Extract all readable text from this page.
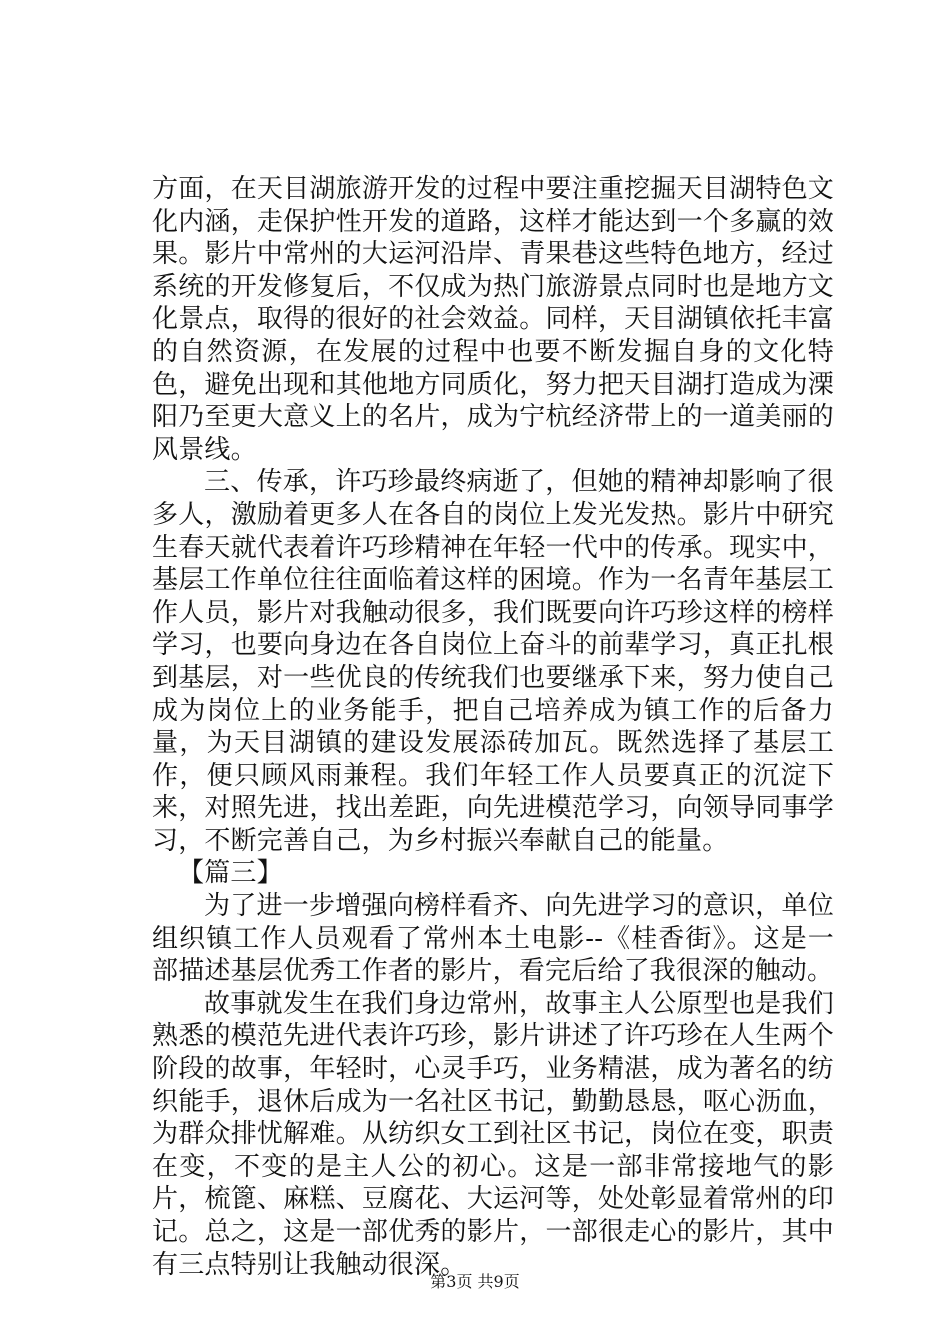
方面，在天目湖旅游开发的过程中要注重挖掘天目湖特色文化内涵，走保护性开发的道路，这样才能达到一个多赢的效果。影片中常州的大运河沿岸、青果巷这些特色地方，经过系统的开发修复后，不仅成为热门旅游景点同时也是地方文化景点，取得的很好的社会效益。同样，天目湖镇依托丰富的自然资源，在发展的过程中也要不断发掘自身的文化特色，避免出现和其他地方同质化，努力把天目湖打造成为溧阳乃至更大意义上的名片，成为宁杭经济带上的一道美丽的风景线。

三、传承，许巧珍最终病逝了，但她的精神却影响了很多人，激励着更多人在各自的岗位上发光发热。影片中研究生春天就代表着许巧珍精神在年轻一代中的传承。现实中，基层工作单位往往面临着这样的困境。作为一名青年基层工作人员，影片对我触动很多，我们既要向许巧珍这样的榜样学习，也要向身边在各自岗位上奋斗的前辈学习，真正扎根到基层，对一些优良的传统我们也要继承下来，努力使自己成为岗位上的业务能手，把自己培养成为镇工作的后备力量，为天目湖镇的建设发展添砖加瓦。既然选择了基层工作，便只顾风雨兼程。我们年轻工作人员要真正的沉淀下来，对照先进，找出差距，向先进模范学习，向领导同事学习，不断完善自己，为乡村振兴奉献自己的能量。

【篇三】

为了进一步增强向榜样看齐、向先进学习的意识，单位组织镇工作人员观看了常州本土电影--《桂香街》。这是一部描述基层优秀工作者的影片，看完后给了我很深的触动。

故事就发生在我们身边常州，故事主人公原型也是我们熟悉的模范先进代表许巧珍，影片讲述了许巧珍在人生两个阶段的故事，年轻时，心灵手巧，业务精湛，成为著名的纺织能手，退休后成为一名社区书记，勤勤恳恳，呕心沥血，为群众排忧解难。从纺织女工到社区书记，岗位在变，职责在变，不变的是主人公的初心。这是一部非常接地气的影片，梳篦、麻糕、豆腐花、大运河等，处处彰显着常州的印记。总之，这是一部优秀的影片，一部很走心的影片，其中有三点特别让我触动很深。

第3页 共9页
